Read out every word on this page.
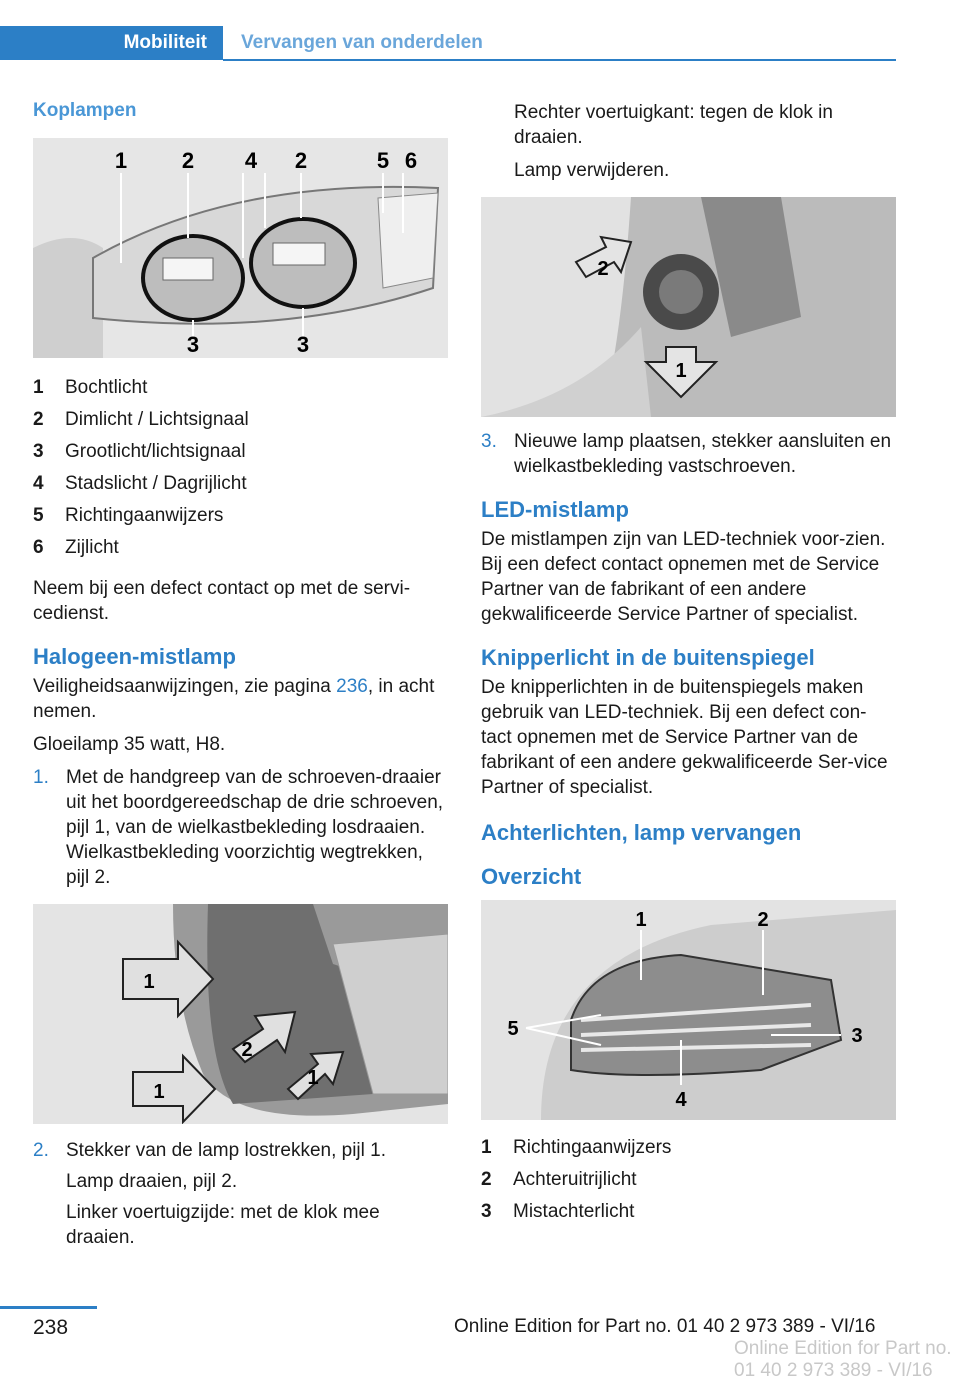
Mobiliteit	Vervangen van onderdelen
Koplampen
1 2 4 2	5 6
3	3
1	Bochtlicht
2	Dimlicht / Lichtsignaal
3	Grootlicht/lichtsignaal
4	Stadslicht / Dagrijlicht
5	Richtingaanwijzers
6	Zijlicht

Neem bij een defect contact op met de servi-cedienst.

Halogeen-mistlamp

Veiligheidsaanwijzingen, zie pagina 236, in acht nemen.

Gloeilamp 35 watt, H8.

1. Met de handgreep van de schroeven-draaier uit het boordgereedschap de drie schroeven, pijl 1, van de wielkastbekleding losdraaien. Wielkastbekleding voorzichtig wegtrekken, pijl 2.
1
2
1
1
2. Stekker van de lamp lostrekken, pijl 1.

Lamp draaien, pijl 2.

Linker voertuigzijde: met de klok mee draaien.

Rechter voertuigkant: tegen de klok in draaien.

Lamp verwijderen.

2
1
3. Nieuwe lamp plaatsen, stekker aansluiten en wielkastbekleding vastschroeven.
LED-mistlamp

De mistlampen zijn van LED-techniek voor-zien. Bij een defect contact opnemen met de Service Partner van de fabrikant of een andere gekwalificeerde Service Partner of specialist.

Knipperlicht in de buitenspiegel

De knipperlichten in de buitenspiegels maken gebruik van LED-techniek. Bij een defect con-tact opnemen met de Service Partner van de fabrikant of een andere gekwalificeerde Ser-vice Partner of specialist.

Achterlichten, lamp vervangen
Overzicht
1	2
5	3
4
1	Richtingaanwijzers
2	Achteruitrijlicht
3	Mistachterlicht
238	Online Edition for Part no. 01 40 2 973 389 - VI/16
Online Edition for Part no. 01 40 2 973 389 - VI/16
